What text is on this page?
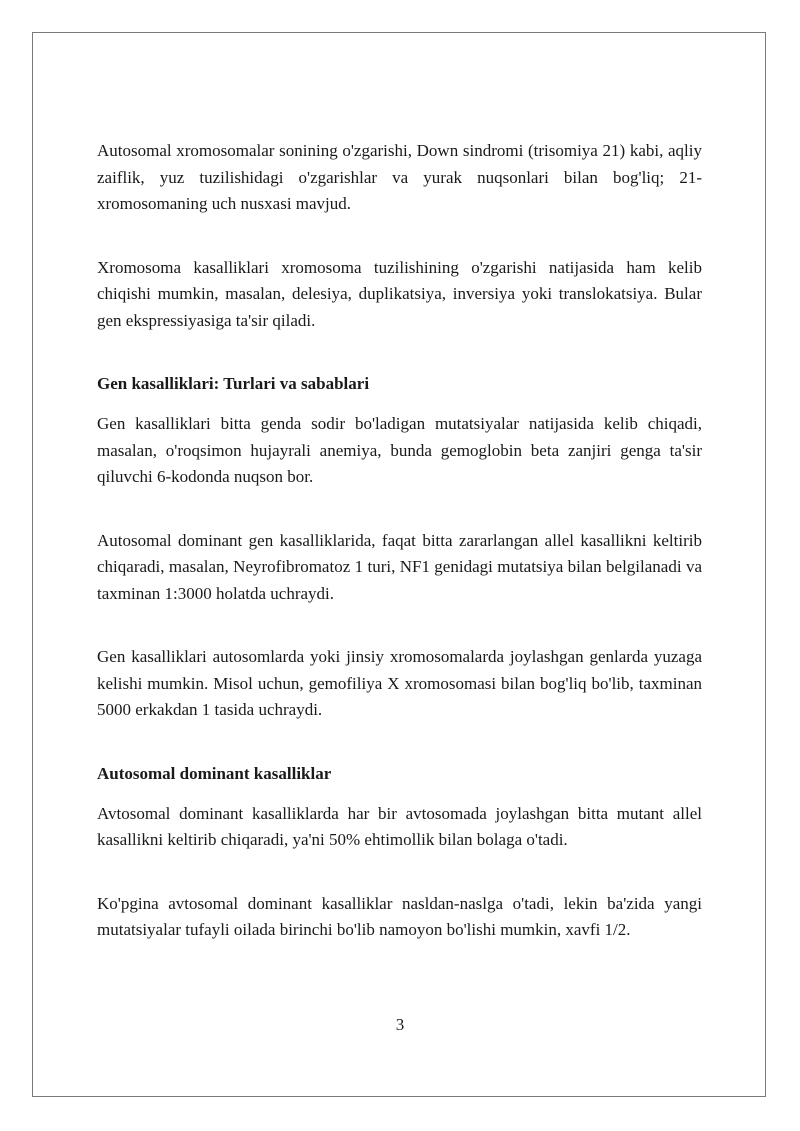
Autosomal xromosomalar sonining o'zgarishi, Down sindromi (trisomiya 21) kabi, aqliy zaiflik, yuz tuzilishidagi o'zgarishlar va yurak nuqsonlari bilan bog'liq; 21-xromosomaning uch nusxasi mavjud.

Xromosoma kasalliklari xromosoma tuzilishining o'zgarishi natijasida ham kelib chiqishi mumkin, masalan, delesiya, duplikatsiya, inversiya yoki translokatsiya. Bular gen ekspressiyasiga ta'sir qiladi.

Gen kasalliklari: Turlari va sabablari

Gen kasalliklari bitta genda sodir bo'ladigan mutatsiyalar natijasida kelib chiqadi, masalan, o'roqsimon hujayrali anemiya, bunda gemoglobin beta zanjiri genga ta'sir qiluvchi 6-kodonda nuqson bor.

Autosomal dominant gen kasalliklarida, faqat bitta zararlangan allel kasallikni keltirib chiqaradi, masalan, Neyrofibromatoz 1 turi, NF1 genidagi mutatsiya bilan belgilanadi va taxminan 1:3000 holatda uchraydi.

Gen kasalliklari autosomlarda yoki jinsiy xromosomalarda joylashgan genlarda yuzaga kelishi mumkin. Misol uchun, gemofiliya X xromosomasi bilan bog'liq bo'lib, taxminan 5000 erkakdan 1 tasida uchraydi.

Autosomal dominant kasalliklar

Avtosomal dominant kasalliklarda har bir avtosomada joylashgan bitta mutant allel kasallikni keltirib chiqaradi, ya'ni 50% ehtimollik bilan bolaga o'tadi.

Ko'pgina avtosomal dominant kasalliklar nasldan-naslga o'tadi, lekin ba'zida yangi mutatsiyalar tufayli oilada birinchi bo'lib namoyon bo'lishi mumkin, xavfi 1/2.

3
